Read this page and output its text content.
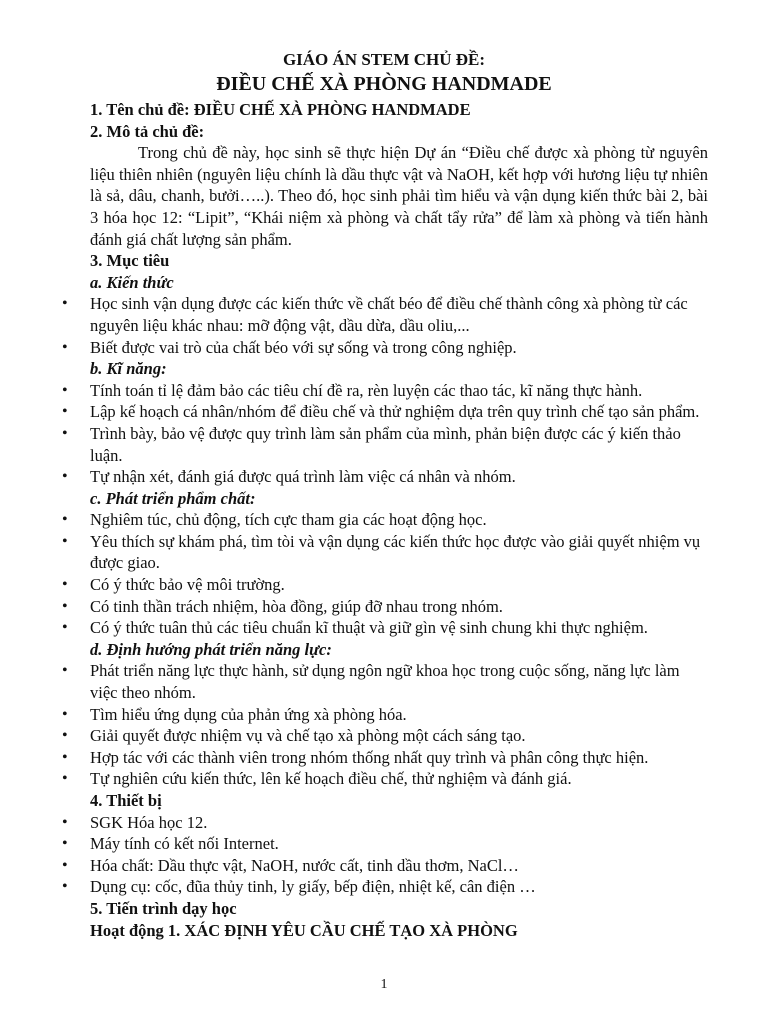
GIÁO ÁN STEM CHỦ ĐỀ:
ĐIỀU CHẾ XÀ PHÒNG HANDMADE

1. Tên chủ đề: ĐIỀU CHẾ XÀ PHÒNG HANDMADE

2. Mô tả chủ đề:

Trong chủ đề này, học sinh sẽ thực hiện Dự án “Điều chế được xà phòng từ nguyên liệu thiên nhiên (nguyên liệu chính là dầu thực vật và NaOH, kết hợp với hương liệu tự nhiên là sả, dâu, chanh, bưởi…..). Theo đó, học sinh phải tìm hiểu và vận dụng kiến thức bài 2, bài 3 hóa học 12: “Lipit”, “Khái niệm xà phòng và chất tẩy rửa” để làm xà phòng và tiến hành đánh giá chất lượng sản phẩm.

3. Mục tiêu

a. Kiến thức

• Học sinh vận dụng được các kiến thức về chất béo để điều chế thành công xà phòng từ các nguyên liệu khác nhau: mỡ động vật, dầu dừa, dầu oliu,...
• Biết được vai trò của chất béo với sự sống và trong công nghiệp.

b. Kĩ năng:

• Tính toán tỉ lệ đảm bảo các tiêu chí đề ra, rèn luyện các thao tác, kĩ năng thực hành.
• Lập kế hoạch cá nhân/nhóm để điều chế và thử nghiệm dựa trên quy trình chế tạo sản phẩm.
• Trình bày, bảo vệ được quy trình làm sản phẩm của mình, phản biện được các ý kiến thảo luận.
• Tự nhận xét, đánh giá được quá trình làm việc cá nhân và nhóm.

c. Phát triển phẩm chất:

• Nghiêm túc, chủ động, tích cực tham gia các hoạt động học.
• Yêu thích sự khám phá, tìm tòi và vận dụng các kiến thức học được vào giải quyết nhiệm vụ được giao.
• Có ý thức bảo vệ môi trường.
• Có tinh thần trách nhiệm, hòa đồng, giúp đỡ nhau trong nhóm.
• Có ý thức tuân thủ các tiêu chuẩn kĩ thuật và giữ gìn vệ sinh chung khi thực nghiệm.

d. Định hướng phát triển năng lực:

• Phát triển năng lực thực hành, sử dụng ngôn ngữ khoa học trong cuộc sống, năng lực làm việc theo nhóm.
• Tìm hiểu ứng dụng của phản ứng xà phòng hóa.
• Giải quyết được nhiệm vụ và chế tạo xà phòng một cách sáng tạo.
• Hợp tác với các thành viên trong nhóm thống nhất quy trình và phân công thực hiện.
• Tự nghiên cứu kiến thức, lên kế hoạch điều chế, thử nghiệm và đánh giá.

4. Thiết bị

• SGK Hóa học 12.
• Máy tính có kết nối Internet.
• Hóa chất: Dầu thực vật, NaOH, nước cất, tinh dầu thơm, NaCl…
• Dụng cụ: cốc, đũa thủy tinh, ly giấy, bếp điện, nhiệt kế, cân điện …

5. Tiến trình dạy học

Hoạt động 1. XÁC ĐỊNH YÊU CẦU CHẾ TẠO XÀ PHÒNG

1
